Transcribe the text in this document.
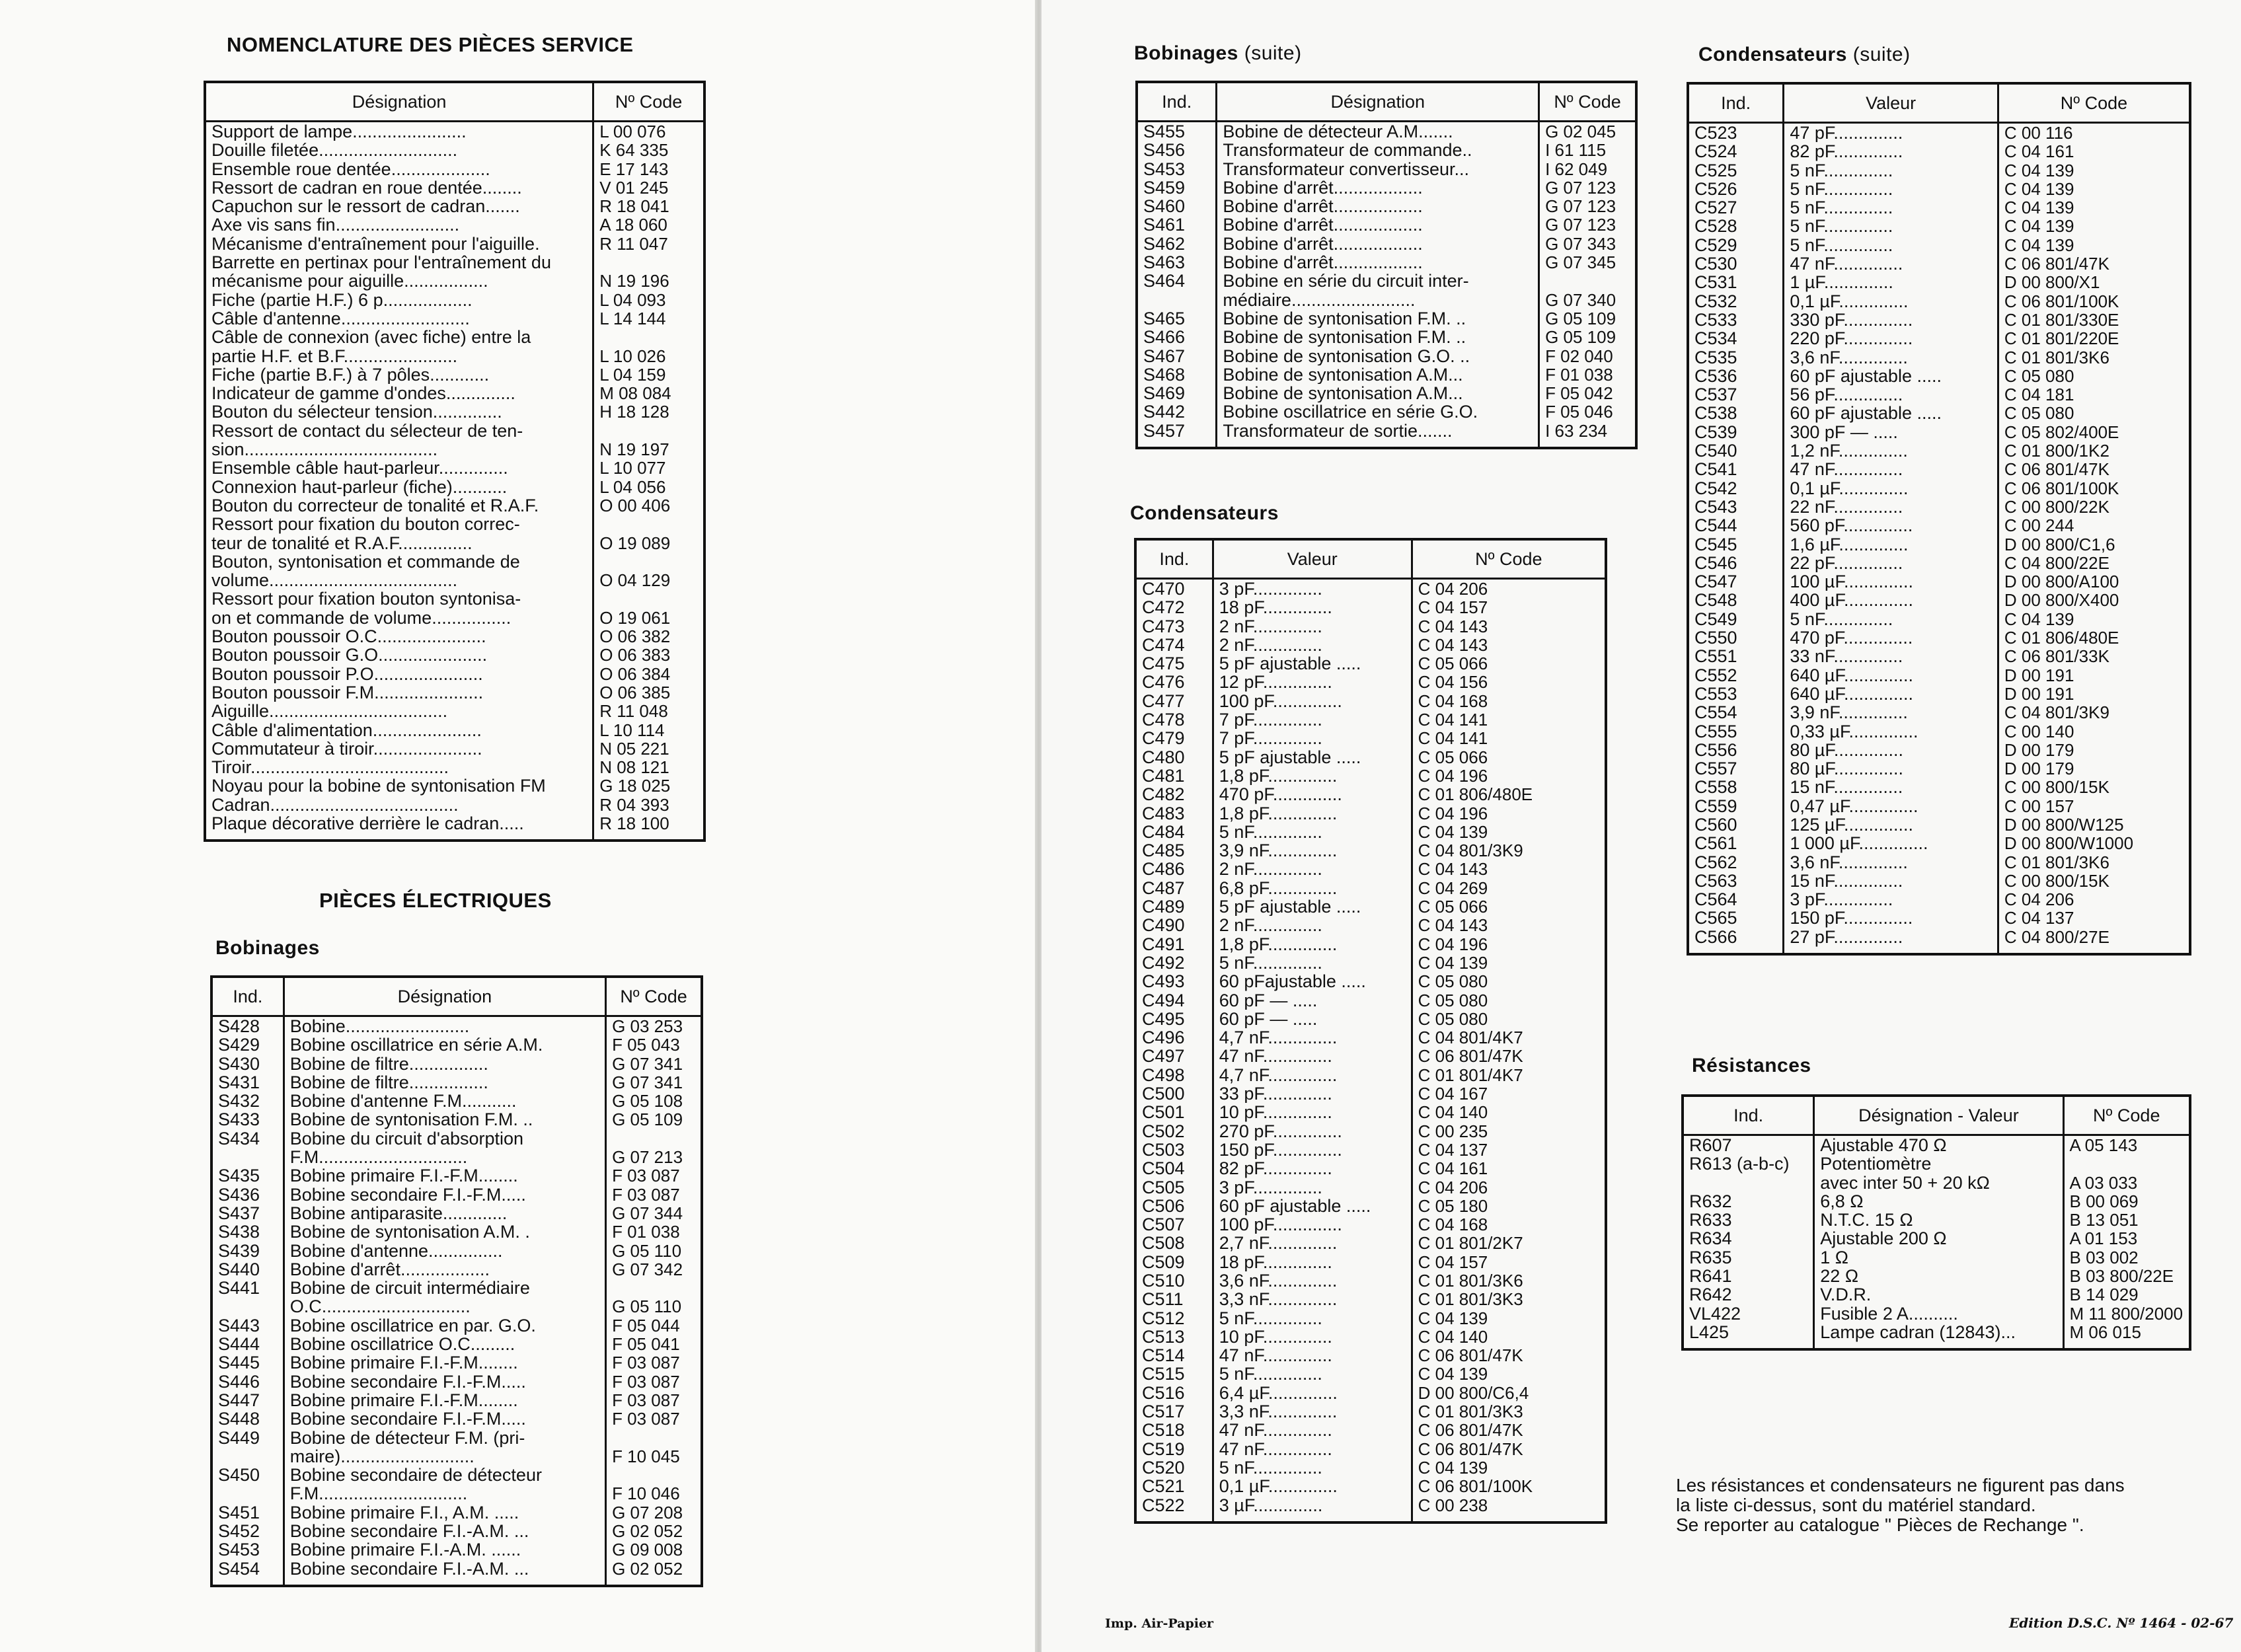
NOMENCLATURE DES PIÈCES SERVICE
Désignation	Nº Code
Support de lampe.......................	L 00 076
Douille filetée............................	K 64 335
Ensemble roue dentée....................	E 17 143
Ressort de cadran en roue dentée........	V 01 245
Capuchon sur le ressort de cadran.......	R 18 041
Axe vis sans fin.........................	A 18 060
Mécanisme d'entraînement pour l'aiguille.	R 11 047
Barrette en pertinax pour l'entraînement du	
mécanisme pour aiguille.................	N 19 196
Fiche (partie H.F.) 6 p..................	L 04 093
Câble d'antenne..........................	L 14 144
Câble de connexion (avec fiche) entre la	
partie H.F. et B.F.......................	L 10 026
Fiche (partie B.F.) à 7 pôles............	L 04 159
Indicateur de gamme d'ondes..............	M 08 084
Bouton du sélecteur tension..............	H 18 128
Ressort de contact du sélecteur de ten-	
sion.......................................	N 19 197
Ensemble câble haut-parleur..............	L 10 077
Connexion haut-parleur (fiche)...........	L 04 056
Bouton du correcteur de tonalité et R.A.F.	O 00 406
Ressort pour fixation du bouton correc-	
teur de tonalité et R.A.F...............	O 19 089
Bouton, syntonisation et commande de	
volume......................................	O 04 129
Ressort pour fixation bouton syntonisa-	
on et commande de volume................	O 19 061
Bouton poussoir O.C......................	O 06 382
Bouton poussoir G.O......................	O 06 383
Bouton poussoir P.O......................	O 06 384
Bouton poussoir F.M......................	O 06 385
Aiguille....................................	R 11 048
Câble d'alimentation......................	L 10 114
Commutateur à tiroir......................	N 05 221
Tiroir........................................	N 08 121
Noyau pour la bobine de syntonisation FM	G 18 025
Cadran......................................	R 04 393
Plaque décorative derrière le cadran.....	R 18 100
PIÈCES ÉLECTRIQUES
Bobinages
Ind.	Désignation	Nº Code
S428	Bobine.........................	G 03 253
S429	Bobine oscillatrice en série A.M.	F 05 043
S430	Bobine de filtre................	G 07 341
S431	Bobine de filtre................	G 07 341
S432	Bobine d'antenne F.M...........	G 05 108
S433	Bobine de syntonisation F.M. ..	G 05 109
S434	Bobine du circuit d'absorption	
	F.M..............................	G 07 213
S435	Bobine primaire F.I.-F.M........	F 03 087
S436	Bobine secondaire F.I.-F.M.....	F 03 087
S437	Bobine antiparasite.............	G 07 344
S438	Bobine de syntonisation A.M. .	F 01 038
S439	Bobine d'antenne...............	G 05 110
S440	Bobine d'arrêt..................	G 07 342
S441	Bobine de circuit intermédiaire	
	O.C..............................	G 05 110
S443	Bobine oscillatrice en par. G.O.	F 05 044
S444	Bobine oscillatrice O.C.........	F 05 041
S445	Bobine primaire F.I.-F.M........	F 03 087
S446	Bobine secondaire F.I.-F.M.....	F 03 087
S447	Bobine primaire F.I.-F.M........	F 03 087
S448	Bobine secondaire F.I.-F.M.....	F 03 087
S449	Bobine de détecteur F.M. (pri-	
	maire)...........................	F 10 045
S450	Bobine secondaire de détecteur	
	F.M..............................	F 10 046
S451	Bobine primaire F.I., A.M. .....	G 07 208
S452	Bobine secondaire F.I.-A.M. ...	G 02 052
S453	Bobine primaire F.I.-A.M. ......	G 09 008
S454	Bobine secondaire F.I.-A.M. ...	G 02 052
Bobinages (suite)
Ind.	Désignation	Nº Code
S455	Bobine de détecteur A.M.......	G 02 045
S456	Transformateur de commande..	I 61 115
S453	Transformateur convertisseur...	I 62 049
S459	Bobine d'arrêt..................	G 07 123
S460	Bobine d'arrêt..................	G 07 123
S461	Bobine d'arrêt..................	G 07 123
S462	Bobine d'arrêt..................	G 07 343
S463	Bobine d'arrêt..................	G 07 345
S464	Bobine en série du circuit inter-	
	médiaire.........................	G 07 340
S465	Bobine de syntonisation F.M. ..	G 05 109
S466	Bobine de syntonisation F.M. ..	G 05 109
S467	Bobine de syntonisation G.O. ..	F 02 040
S468	Bobine de syntonisation A.M...	F 01 038
S469	Bobine de syntonisation A.M...	F 05 042
S442	Bobine oscillatrice en série G.O.	F 05 046
S457	Transformateur de sortie.......	I 63 234
Condensateurs
Ind.	Valeur	Nº Code
C470	3 pF..............	C 04 206
C472	18 pF..............	C 04 157
C473	2 nF..............	C 04 143
C474	2 nF..............	C 04 143
C475	5 pF ajustable .....	C 05 066
C476	12 pF..............	C 04 156
C477	100 pF..............	C 04 168
C478	7 pF..............	C 04 141
C479	7 pF..............	C 04 141
C480	5 pF ajustable .....	C 05 066
C481	1,8 pF..............	C 04 196
C482	470 pF..............	C 01 806/480E
C483	1,8 pF..............	C 04 196
C484	5 nF..............	C 04 139
C485	3,9 nF..............	C 04 801/3K9
C486	2 nF..............	C 04 143
C487	6,8 pF..............	C 04 269
C489	5 pF ajustable .....	C 05 066
C490	2 nF..............	C 04 143
C491	1,8 pF..............	C 04 196
C492	5 nF..............	C 04 139
C493	60 pFajustable .....	C 05 080
C494	60 pF — .....	C 05 080
C495	60 pF — .....	C 05 080
C496	4,7 nF..............	C 04 801/4K7
C497	47 nF..............	C 06 801/47K
C498	4,7 nF..............	C 01 801/4K7
C500	33 pF..............	C 04 167
C501	10 pF..............	C 04 140
C502	270 pF..............	C 00 235
C503	150 pF..............	C 04 137
C504	82 pF..............	C 04 161
C505	3 pF..............	C 04 206
C506	60 pF ajustable .....	C 05 180
C507	100 pF..............	C 04 168
C508	2,7 nF..............	C 01 801/2K7
C509	18 pF..............	C 04 157
C510	3,6 nF..............	C 01 801/3K6
C511	3,3 nF..............	C 01 801/3K3
C512	5 nF..............	C 04 139
C513	10 pF..............	C 04 140
C514	47 nF..............	C 06 801/47K
C515	5 nF..............	C 04 139
C516	6,4 µF..............	D 00 800/C6,4
C517	3,3 nF..............	C 01 801/3K3
C518	47 nF..............	C 06 801/47K
C519	47 nF..............	C 06 801/47K
C520	5 nF..............	C 04 139
C521	0,1 µF..............	C 06 801/100K
C522	3 µF..............	C 00 238
Condensateurs (suite)
Ind.	Valeur	Nº Code
C523	47 pF..............	C 00 116
C524	82 pF..............	C 04 161
C525	5 nF..............	C 04 139
C526	5 nF..............	C 04 139
C527	5 nF..............	C 04 139
C528	5 nF..............	C 04 139
C529	5 nF..............	C 04 139
C530	47 nF..............	C 06 801/47K
C531	1 µF..............	D 00 800/X1
C532	0,1 µF..............	C 06 801/100K
C533	330 pF..............	C 01 801/330E
C534	220 pF..............	C 01 801/220E
C535	3,6 nF..............	C 01 801/3K6
C536	60 pF ajustable .....	C 05 080
C537	56 pF..............	C 04 181
C538	60 pF ajustable .....	C 05 080
C539	300 pF — .....	C 05 802/400E
C540	1,2 nF..............	C 01 800/1K2
C541	47 nF..............	C 06 801/47K
C542	0,1 µF..............	C 06 801/100K
C543	22 nF..............	C 00 800/22K
C544	560 pF..............	C 00 244
C545	1,6 µF..............	D 00 800/C1,6
C546	22 pF..............	C 04 800/22E
C547	100 µF..............	D 00 800/A100
C548	400 µF..............	D 00 800/X400
C549	5 nF..............	C 04 139
C550	470 pF..............	C 01 806/480E
C551	33 nF..............	C 06 801/33K
C552	640 µF..............	D 00 191
C553	640 µF..............	D 00 191
C554	3,9 nF..............	C 04 801/3K9
C555	0,33 µF..............	C 00 140
C556	80 µF..............	D 00 179
C557	80 µF..............	D 00 179
C558	15 nF..............	C 00 800/15K
C559	0,47 µF..............	C 00 157
C560	125 µF..............	D 00 800/W125
C561	1 000 µF..............	D 00 800/W1000
C562	3,6 nF..............	C 01 801/3K6
C563	15 nF..............	C 00 800/15K
C564	3 pF..............	C 04 206
C565	150 pF..............	C 04 137
C566	27 pF..............	C 04 800/27E
Résistances
Ind.	Désignation - Valeur	Nº Code
R607	Ajustable 470 Ω	A 05 143
R613 (a-b-c)	Potentiomètre	
	avec inter 50 + 20 kΩ	A 03 033
R632	6,8 Ω	B 00 069
R633	N.T.C. 15 Ω	B 13 051
R634	Ajustable 200 Ω	A 01 153
R635	1 Ω	B 03 002
R641	22 Ω	B 03 800/22E
R642	V.D.R.	B 14 029
VL422	Fusible 2 A..........	M 11 800/2000
L425	Lampe cadran (12843)...	M 06 015
Les résistances et condensateurs ne figurent pas dans
la liste ci-dessus, sont du matériel standard.
Se reporter au catalogue " Pièces de Rechange ".
Imp. Air-Papier	Edition D.S.C. Nº 1464 - 02-67
